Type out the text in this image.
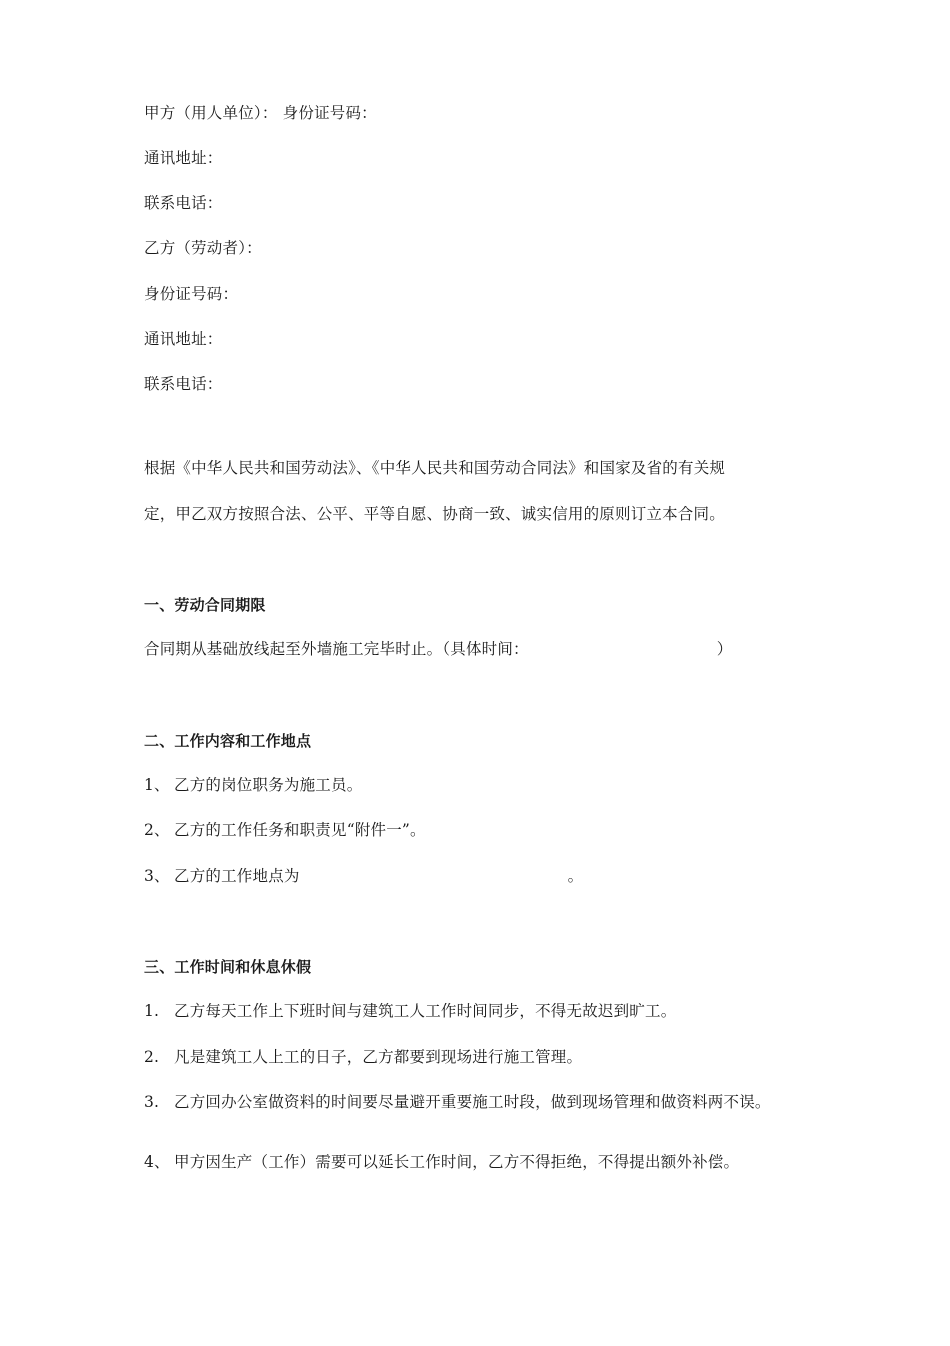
甲方（用人单位）： 身份证号码：
通讯地址：
联系电话：
乙方（劳动者）：
身份证号码：
通讯地址：
联系电话：
根据《中华人民共和国劳动法》、《中华人民共和国劳动合同法》和国家及省的有关规
定，甲乙双方按照合法、公平、平等自愿、协商一致、诚实信用的原则订立本合同。
一、劳动合同期限
合同期从基础放线起至外墙施工完毕时止。（具体时间：	）
二、工作内容和工作地点
1、 乙方的岗位职务为施工员。
2、 乙方的工作任务和职责见“附件一”。
3、 乙方的工作地点为	。
三、工作时间和休息休假
1. 乙方每天工作上下班时间与建筑工人工作时间同步，不得无故迟到旷工。
2. 凡是建筑工人上工的日子，乙方都要到现场进行施工管理。
3. 乙方回办公室做资料的时间要尽量避开重要施工时段，做到现场管理和做资料两不误。
4、 甲方因生产（工作）需要可以延长工作时间，乙方不得拒绝，不得提出额外补偿。
